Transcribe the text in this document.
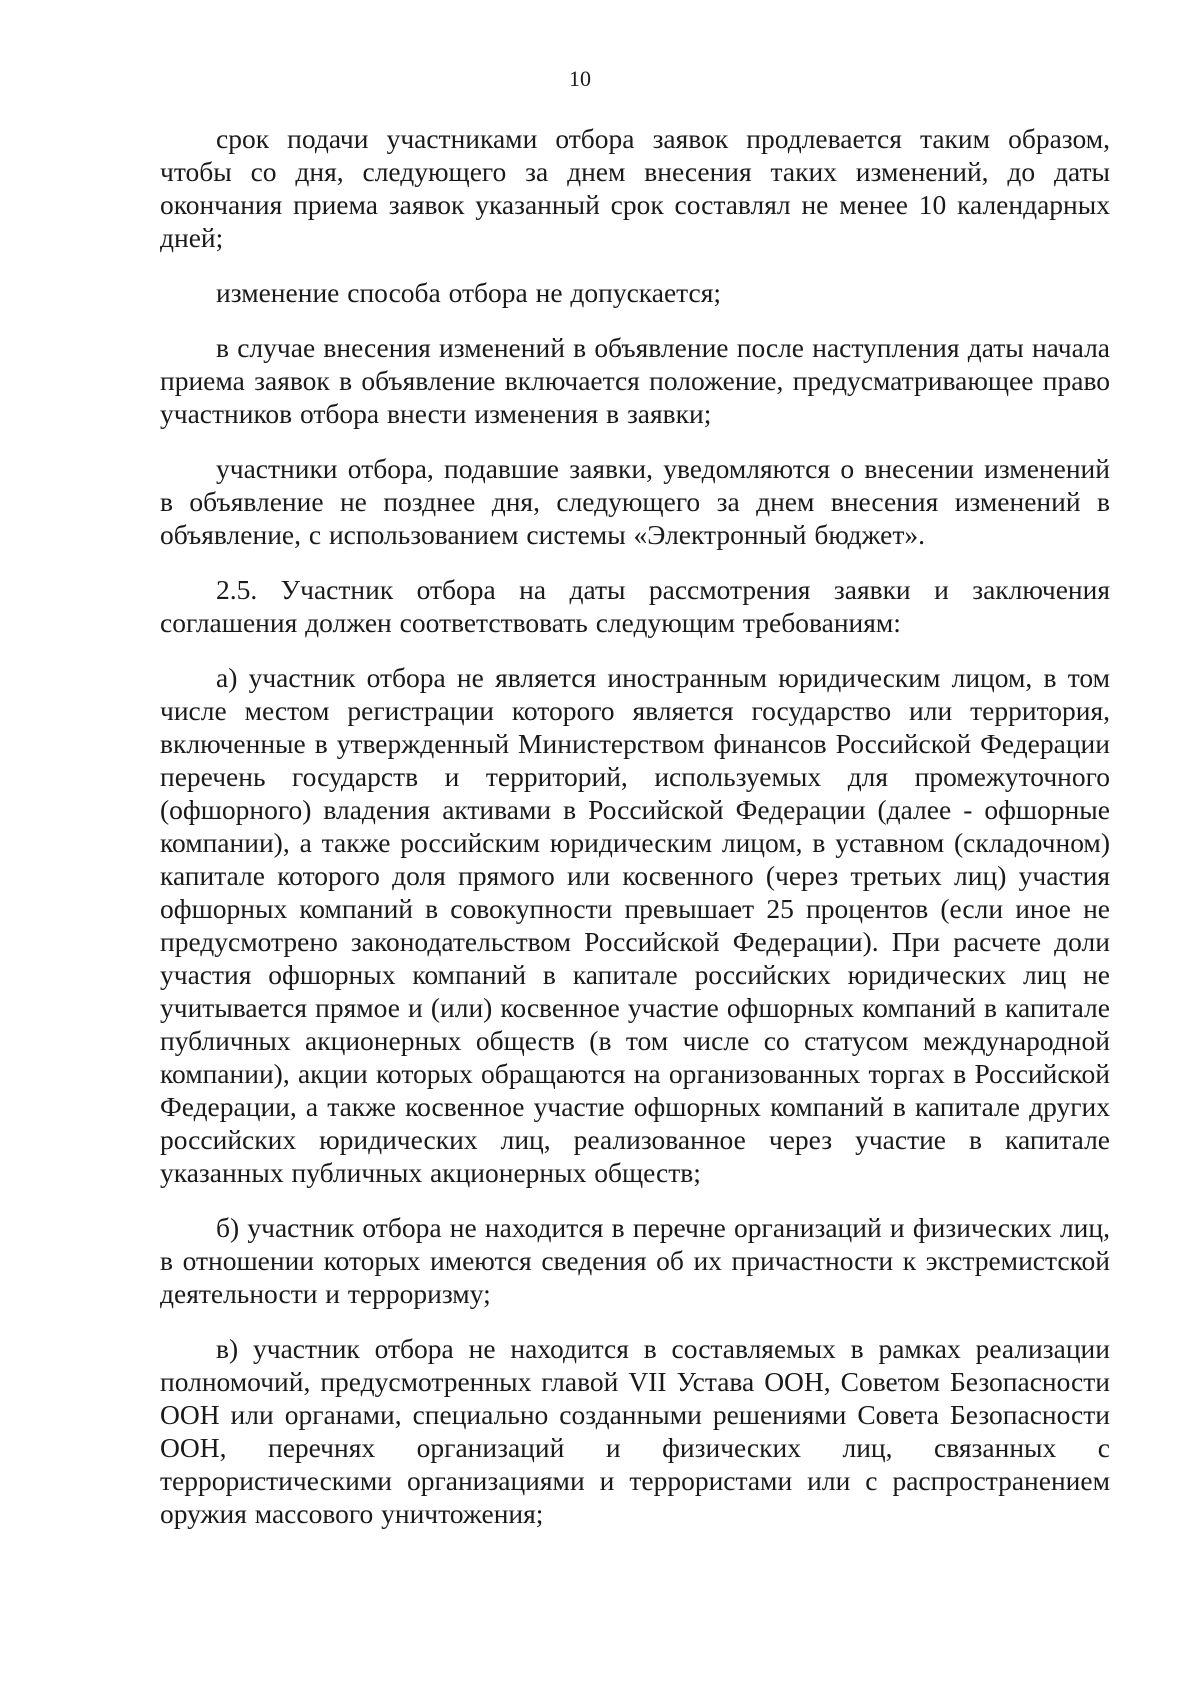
10

срок подачи участниками отбора заявок продлевается таким образом, чтобы со дня, следующего за днем внесения таких изменений, до даты окончания приема заявок указанный срок составлял не менее 10 календарных дней;

изменение способа отбора не допускается;

в случае внесения изменений в объявление после наступления даты начала приема заявок в объявление включается положение, предусматривающее право участников отбора внести изменения в заявки;

участники отбора, подавшие заявки, уведомляются о внесении изменений в объявление не позднее дня, следующего за днем внесения изменений в объявление, с использованием системы «Электронный бюджет».

2.5. Участник отбора на даты рассмотрения заявки и заключения соглашения должен соответствовать следующим требованиям:

а) участник отбора не является иностранным юридическим лицом, в том числе местом регистрации которого является государство или территория, включенные в утвержденный Министерством финансов Российской Федерации перечень государств и территорий, используемых для промежуточного (офшорного) владения активами в Российской Федерации (далее - офшорные компании), а также российским юридическим лицом, в уставном (складочном) капитале которого доля прямого или косвенного (через третьих лиц) участия офшорных компаний в совокупности превышает 25 процентов (если иное не предусмотрено законодательством Российской Федерации). При расчете доли участия офшорных компаний в капитале российских юридических лиц не учитывается прямое и (или) косвенное участие офшорных компаний в капитале публичных акционерных обществ (в том числе со статусом международной компании), акции которых обращаются на организованных торгах в Российской Федерации, а также косвенное участие офшорных компаний в капитале других российских юридических лиц, реализованное через участие в капитале указанных публичных акционерных обществ;

б) участник отбора не находится в перечне организаций и физических лиц, в отношении которых имеются сведения об их причастности к экстремистской деятельности и терроризму;

в) участник отбора не находится в составляемых в рамках реализации полномочий, предусмотренных главой VII Устава ООН, Советом Безопасности ООН или органами, специально созданными решениями Совета Безопасности ООН, перечнях организаций и физических лиц, связанных с террористическими организациями и террористами или с распространением оружия массового уничтожения;
